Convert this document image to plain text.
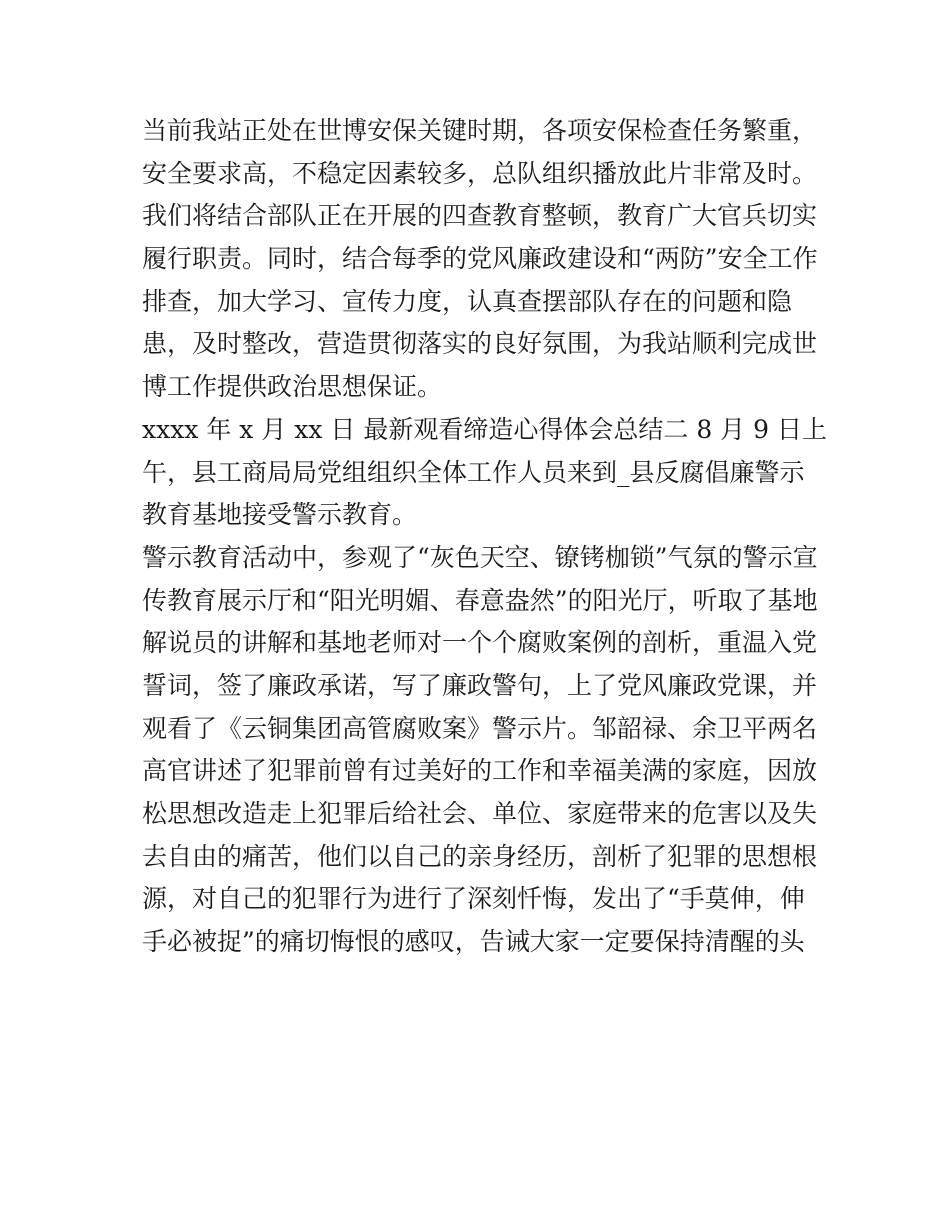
当前我站正处在世博安保关键时期，各项安保检查任务繁重，
安全要求高，不稳定因素较多，总队组织播放此片非常及时。
我们将结合部队正在开展的四查教育整顿，教育广大官兵切实
履行职责。同时，结合每季的党风廉政建设和“两防”安全工作
排查，加大学习、宣传力度，认真查摆部队存在的问题和隐
患，及时整改，营造贯彻落实的良好氛围，为我站顺利完成世
博工作提供政治思想保证。
xxxx 年 x 月 xx 日 最新观看缔造心得体会总结二 8 月 9 日上
午，县工商局局党组组织全体工作人员来到_县反腐倡廉警示
教育基地接受警示教育。
警示教育活动中，参观了“灰色天空、镣铐枷锁”气氛的警示宣
传教育展示厅和“阳光明媚、春意盎然”的阳光厅，听取了基地
解说员的讲解和基地老师对一个个腐败案例的剖析，重温入党
誓词，签了廉政承诺，写了廉政警句，上了党风廉政党课，并
观看了《云铜集团高管腐败案》警示片。邹韶禄、余卫平两名
高官讲述了犯罪前曾有过美好的工作和幸福美满的家庭，因放
松思想改造走上犯罪后给社会、单位、家庭带来的危害以及失
去自由的痛苦，他们以自己的亲身经历，剖析了犯罪的思想根
源，对自己的犯罪行为进行了深刻忏悔，发出了“手莫伸，伸
手必被捉”的痛切悔恨的感叹，告诫大家一定要保持清醒的头
